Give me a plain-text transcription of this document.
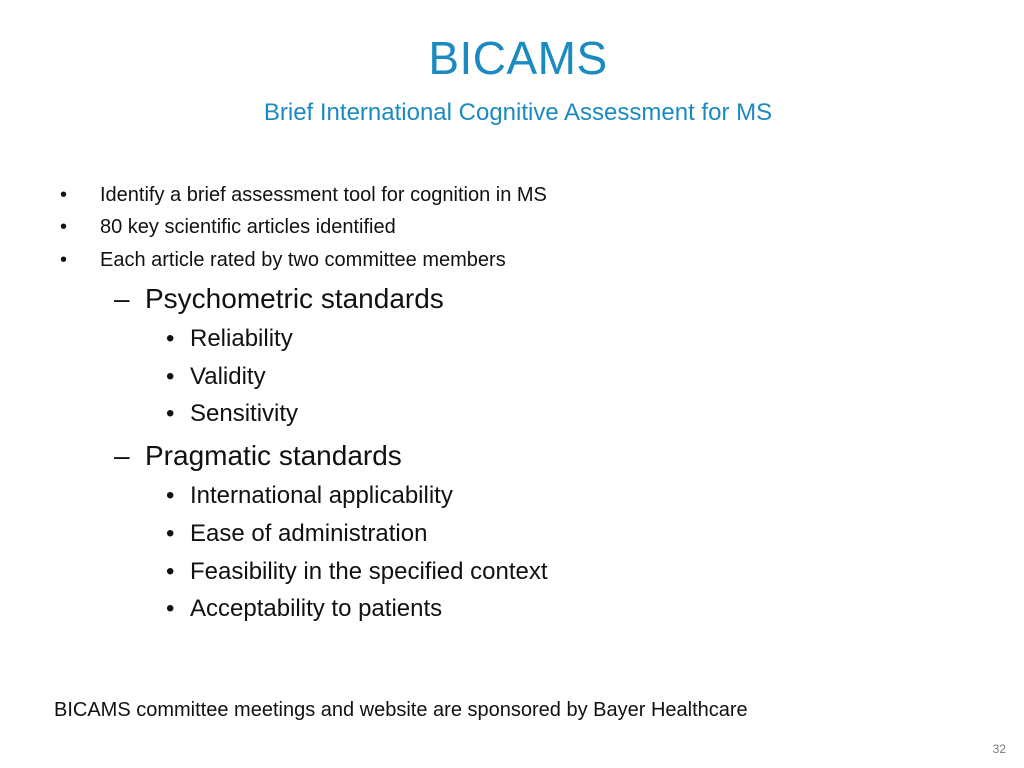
BICAMS
Brief International Cognitive Assessment for MS
•	Identify a brief assessment tool for cognition in MS
•	80 key scientific articles identified
•	Each article rated by two committee members
– Psychometric standards
• Reliability
• Validity
• Sensitivity
– Pragmatic standards
• International applicability
• Ease of administration
• Feasibility in the specified context
• Acceptability to patients
BICAMS committee meetings and website are sponsored by Bayer Healthcare
32
